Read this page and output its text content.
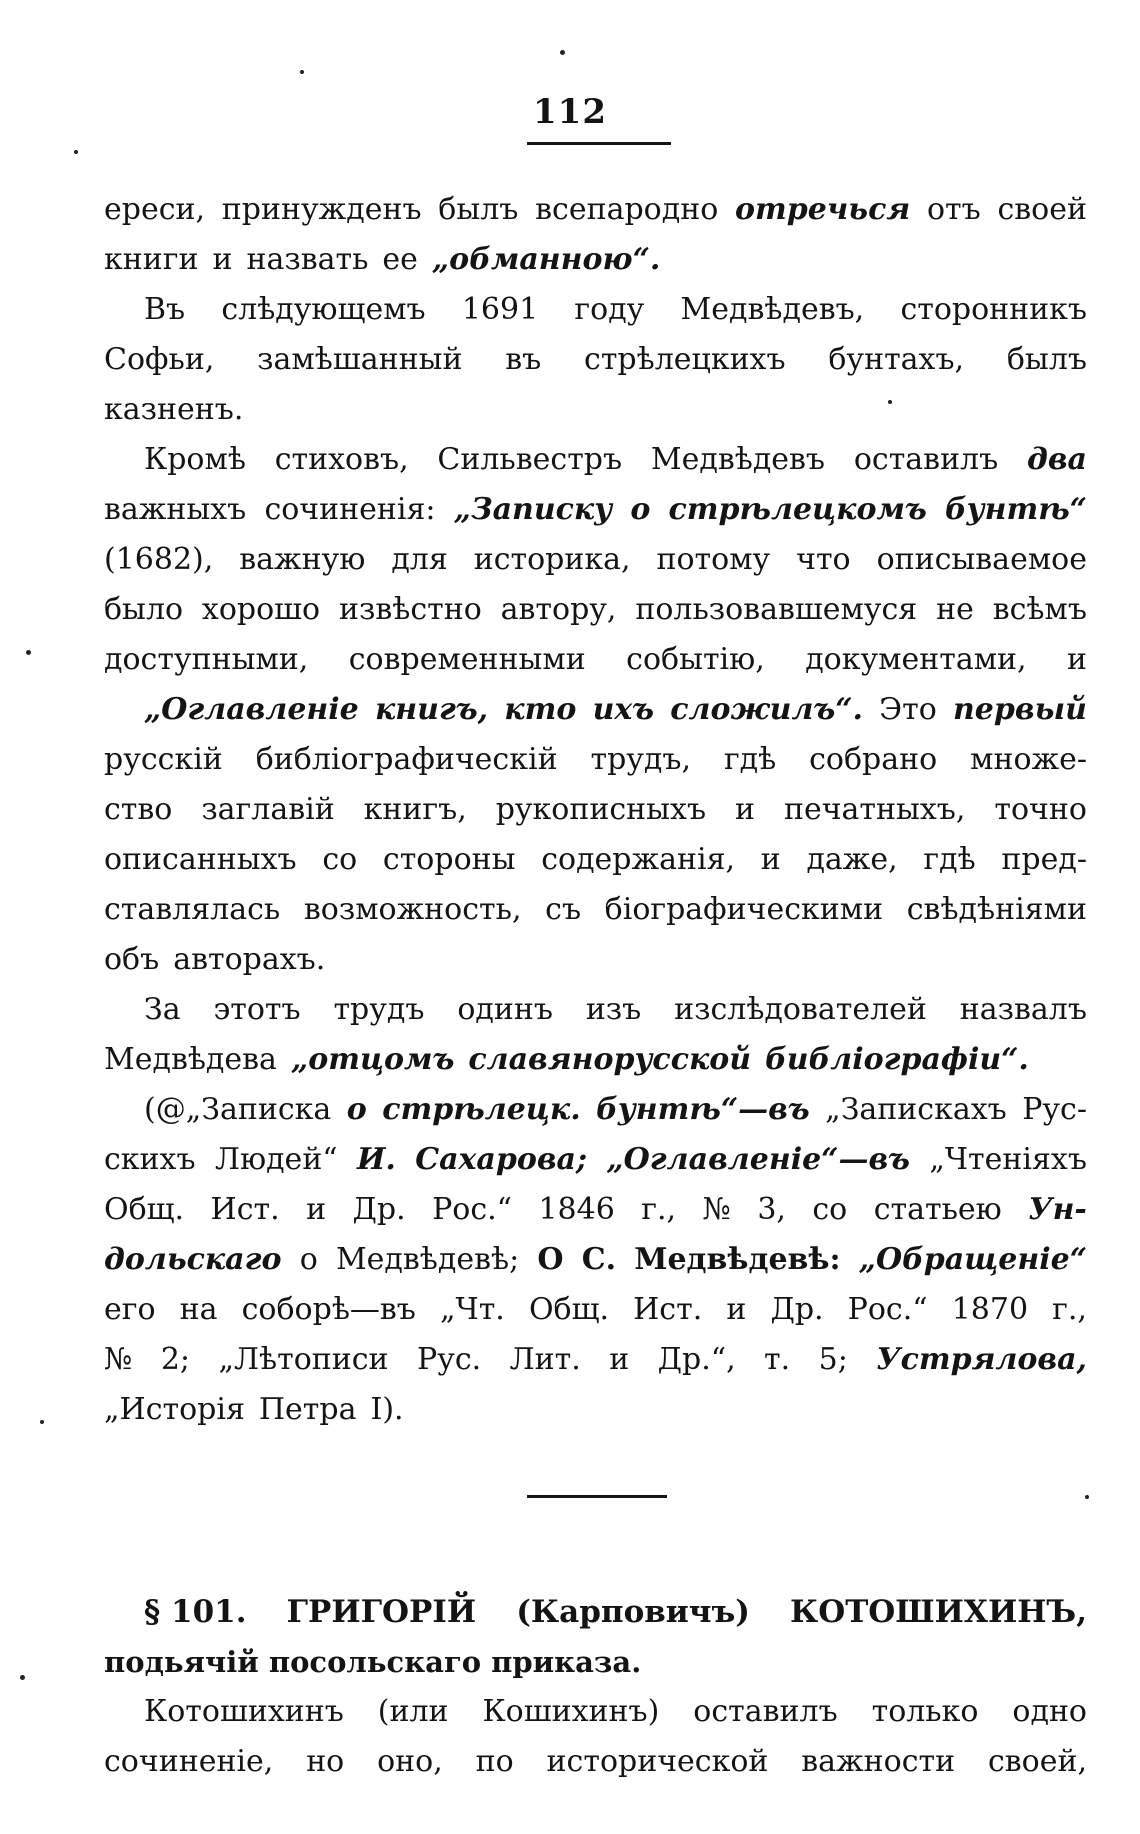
112
ереси, принужденъ былъ всепародно отречься отъ своей
книги и назвать ее „обманною“.
Въ слѣдующемъ 1691 году Медвѣдевъ, сторонникъ
Софьи, замѣшанный въ стрѣлецкихъ бунтахъ, былъ
казненъ.
Кромѣ стиховъ, Сильвестръ Медвѣдевъ оставилъ два
важныхъ сочиненія: „Записку о стрѣлецкомъ бунтѣ“
(1682), важную для историка, потому что описываемое
было хорошо извѣстно автору, пользовавшемуся не всѣмъ
доступными, современными событію, документами, и
„Оглавленіе книгъ, кто ихъ сложилъ“. Это первый
русскій библіографическій трудъ, гдѣ собрано множе-
ство заглавій книгъ, рукописныхъ и печатныхъ, точно
описанныхъ со стороны содержанія, и даже, гдѣ пред-
ставлялась возможность, съ біографическими свѣдѣніями
объ авторахъ.
За этотъ трудъ одинъ изъ изслѣдователей назвалъ
Медвѣдева „отцомъ славянорусской библіографіи“.
(@„Записка о стрѣлецк. бунтѣ“—въ „Запискахъ Рус-
скихъ Людей“ И. Сахарова; „Оглавленіе“—въ „Чтеніяхъ
Общ. Ист. и Др. Рос.“ 1846 г., № 3, со статьею Ун-
дольскаго о Медвѣдевѣ; О С. Медвѣдевѣ: „Обращеніе“
его на соборѣ—въ „Чт. Общ. Ист. и Др. Рос.“ 1870 г.,
№ 2; „Лѣтописи Рус. Лит. и Др.“, т. 5; Устрялова,
„Исторія Петра I).
§ 101. ГРИГОРІЙ (Карповичъ) КОТОШИХИНЪ,
подьячій посольскаго приказа.
Котошихинъ (или Кошихинъ) оставилъ только одно
сочиненіе, но оно, по исторической важности своей,
